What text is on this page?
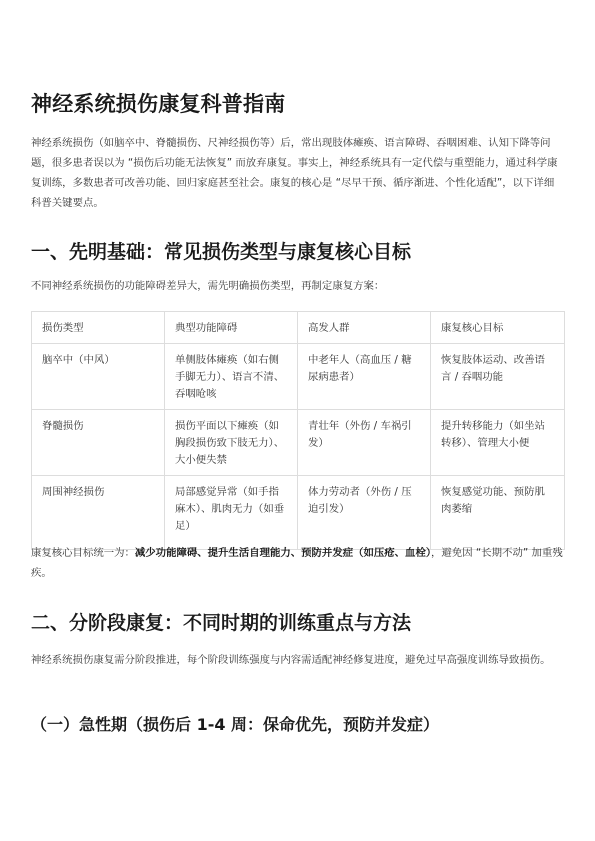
神经系统损伤康复科普指南

神经系统损伤（如脑卒中、脊髓损伤、尺神经损伤等）后，常出现肢体瘫痪、语言障碍、吞咽困难、认知下降等问题，很多患者误以为 “损伤后功能无法恢复” 而放弃康复。事实上，神经系统具有一定代偿与重塑能力，通过科学康复训练，多数患者可改善功能、回归家庭甚至社会。康复的核心是 “尽早干预、循序渐进、个性化适配”，以下详细科普关键要点。

一、先明基础：常见损伤类型与康复核心目标

不同神经系统损伤的功能障碍差异大，需先明确损伤类型，再制定康复方案：

损伤类型	典型功能障碍	高发人群	康复核心目标
脑卒中（中风）	单侧肢体瘫痪（如右侧手脚无力）、语言不清、吞咽呛咳	中老年人（高血压 / 糖尿病患者）	恢复肢体运动、改善语言 / 吞咽功能
脊髓损伤	损伤平面以下瘫痪（如胸段损伤致下肢无力）、大小便失禁	青壮年（外伤 / 车祸引发）	提升转移能力（如坐站转移）、管理大小便
周围神经损伤	局部感觉异常（如手指麻木）、肌肉无力（如垂足）	体力劳动者（外伤 / 压迫引发）	恢复感觉功能、预防肌肉萎缩

康复核心目标统一为：减少功能障碍、提升生活自理能力、预防并发症（如压疮、血栓），避免因 “长期不动” 加重残疾。

二、分阶段康复：不同时期的训练重点与方法

神经系统损伤康复需分阶段推进，每个阶段训练强度与内容需适配神经修复进度，避免过早高强度训练导致损伤。

（一）急性期（损伤后 1-4 周：保命优先，预防并发症）
